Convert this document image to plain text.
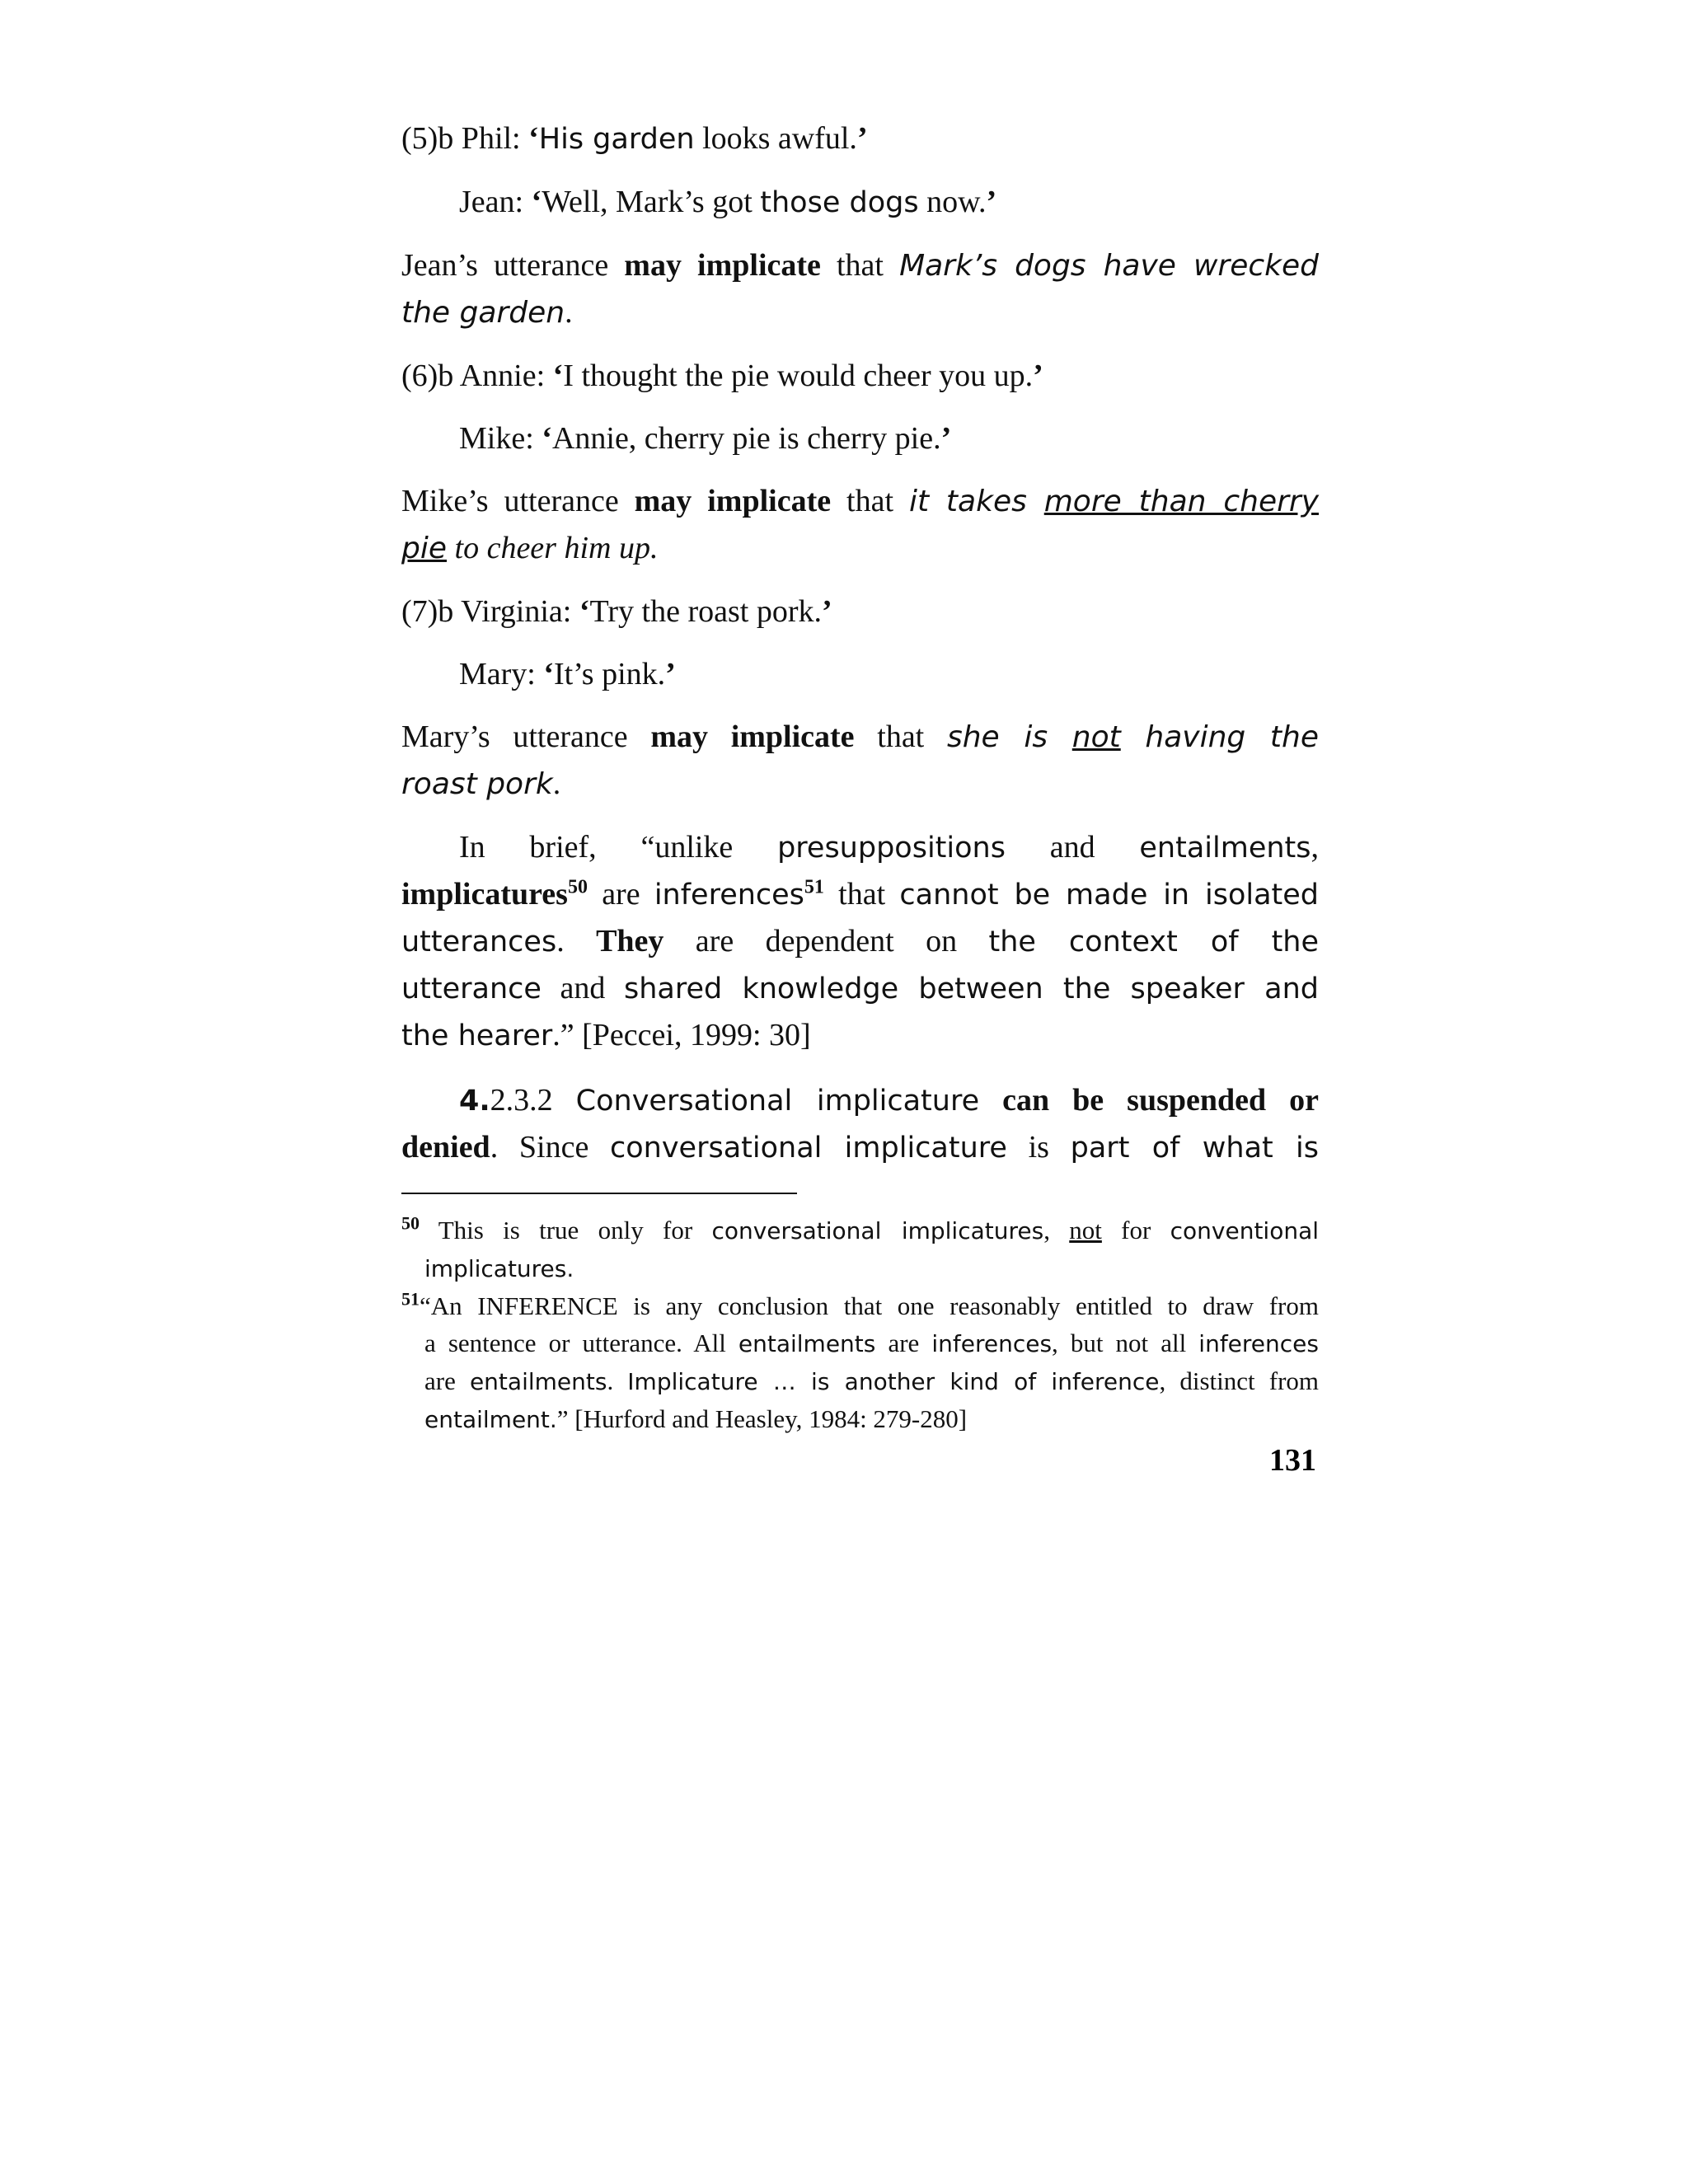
(5)b Phil: ‘His garden looks awful.’

Jean: ‘Well, Mark’s got those dogs now.’

Jean’s utterance may implicate that Mark’s dogs have wrecked

the garden.

(6)b Annie: ‘I thought the pie would cheer you up.’

Mike: ‘Annie, cherry pie is cherry pie.’

Mike’s utterance may implicate that it takes more than cherry

pie to cheer him up.

(7)b Virginia: ‘Try the roast pork.’

Mary: ‘It’s pink.’

Mary’s utterance may implicate that she is not having the

roast pork.

In brief, “unlike presuppositions and entailments,

implicatures$^{50}$ are inferences$^{51}$ that cannot be made in isolated

utterances. They are dependent on the context of the

utterance and shared knowledge between the speaker and

the hearer.” [Peccei, 1999: 30]

4.2.3.2 Conversational implicature can be suspended or

denied. Since conversational implicature is part of what is

$^{50}$ This is true only for conversational implicatures, not for conventional

implicatures.

$^{51}$“An INFERENCE is any conclusion that one reasonably entitled to draw from

a sentence or utterance. All entailments are inferences, but not all inferences

are entailments. Implicature … is another kind of inference, distinct from

entailment.” [Hurford and Heasley, 1984: 279-280]

131
